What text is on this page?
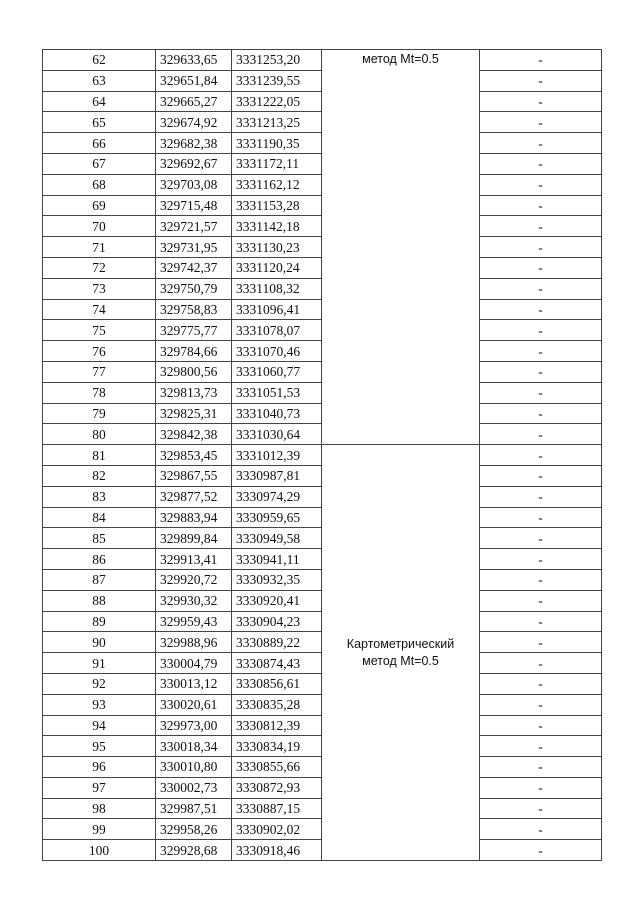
62	329633,65	3331253,20	метод Mt=0.5	-
63	329651,84	3331239,55		-
64	329665,27	3331222,05		-
65	329674,92	3331213,25		-
66	329682,38	3331190,35		-
67	329692,67	3331172,11		-
68	329703,08	3331162,12		-
69	329715,48	3331153,28		-
70	329721,57	3331142,18		-
71	329731,95	3331130,23		-
72	329742,37	3331120,24		-
73	329750,79	3331108,32		-
74	329758,83	3331096,41		-
75	329775,77	3331078,07		-
76	329784,66	3331070,46		-
77	329800,56	3331060,77		-
78	329813,73	3331051,53		-
79	329825,31	3331040,73		-
80	329842,38	3331030,64		-
81	329853,45	3331012,39	Картометрический
метод Mt=0.5	-
82	329867,55	3330987,81		-
83	329877,52	3330974,29		-
84	329883,94	3330959,65		-
85	329899,84	3330949,58		-
86	329913,41	3330941,11		-
87	329920,72	3330932,35		-
88	329930,32	3330920,41		-
89	329959,43	3330904,23		-
90	329988,96	3330889,22		-
91	330004,79	3330874,43		-
92	330013,12	3330856,61		-
93	330020,61	3330835,28		-
94	329973,00	3330812,39		-
95	330018,34	3330834,19		-
96	330010,80	3330855,66		-
97	330002,73	3330872,93		-
98	329987,51	3330887,15		-
99	329958,26	3330902,02		-
100	329928,68	3330918,46		-
